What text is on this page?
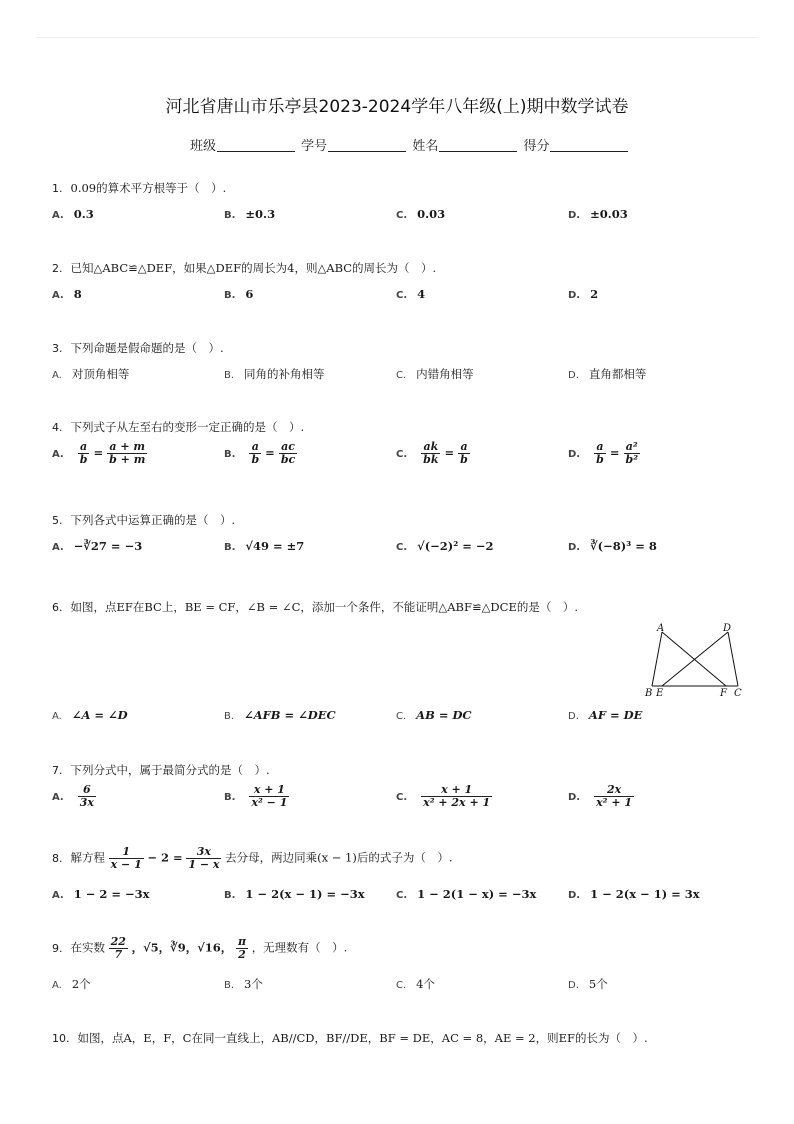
河北省唐山市乐亭县2023-2024学年八年级(上)期中数学试卷
班级	学号	姓名	得分
1. 0.09的算术平方根等于（　）.
A. 0.3	B. ±0.3	C. 0.03	D. ±0.03
2. 已知△ABC≌△DEF，如果△DEF的周长为4，则△ABC的周长为（　）.
A. 8	B. 6	C. 4	D. 2
3. 下列命题是假命题的是（　）.
A. 对顶角相等	B. 同角的补角相等	C. 内错角相等	D. 直角都相等
4. 下列式子从左至右的变形一定正确的是（　）.
A. $\frac{a}{b} = \frac{a + m}{b + m}$	B. $\frac{a}{b} = \frac{ac}{bc}$	C. $\frac{ak}{bk} = \frac{a}{b}$	D. $\frac{a}{b} = \frac{\text{a²}}{\text{b²}}$
5. 下列各式中运算正确的是（　）.
A. −∛27 = −3	B. √49 = ±7	C. √(−2)² = −2	D. ∛(−8)³ = 8
6. 如图，点EF在BC上，BE = CF，∠B = ∠C，添加一个条件，不能证明△ABF≌△DCE的是（　）.
A	D
B E	F C
A. ∠A = ∠D	B. ∠AFB = ∠DEC	C. AB = DC	D. AF = DE
7. 下列分式中，属于最简分式的是（　）.
A. $\frac{6}{3x}$	B. $\frac{x + 1}{\text{x² − 1}}$	C. $\frac{x + 1}{\text{x² + 2x + 1}}$	D. $\frac{2x}{\text{x² + 1}}$
8. 解方程 $\frac{1}{x - 1} - 2 = \frac{3x}{1 - x}$ 去分母，两边同乘(x − 1)后的式子为（　）.
A. 1 − 2 = −3x	B. 1 − 2(x − 1) = −3x	C. 1 − 2(1 − x) = −3x	D. 1 − 2(x − 1) = 3x
9. 在实数 $\frac{22}{7}$ ，√5，∛9，√16， $\frac{\pi}{2}$ ，无理数有（　）.
A. 2个	B. 3个	C. 4个	D. 5个
10. 如图，点A，E，F，C在同一直线上，AB//CD，BF//DE，BF = DE，AC = 8，AE = 2，则EF的长为（　）.
